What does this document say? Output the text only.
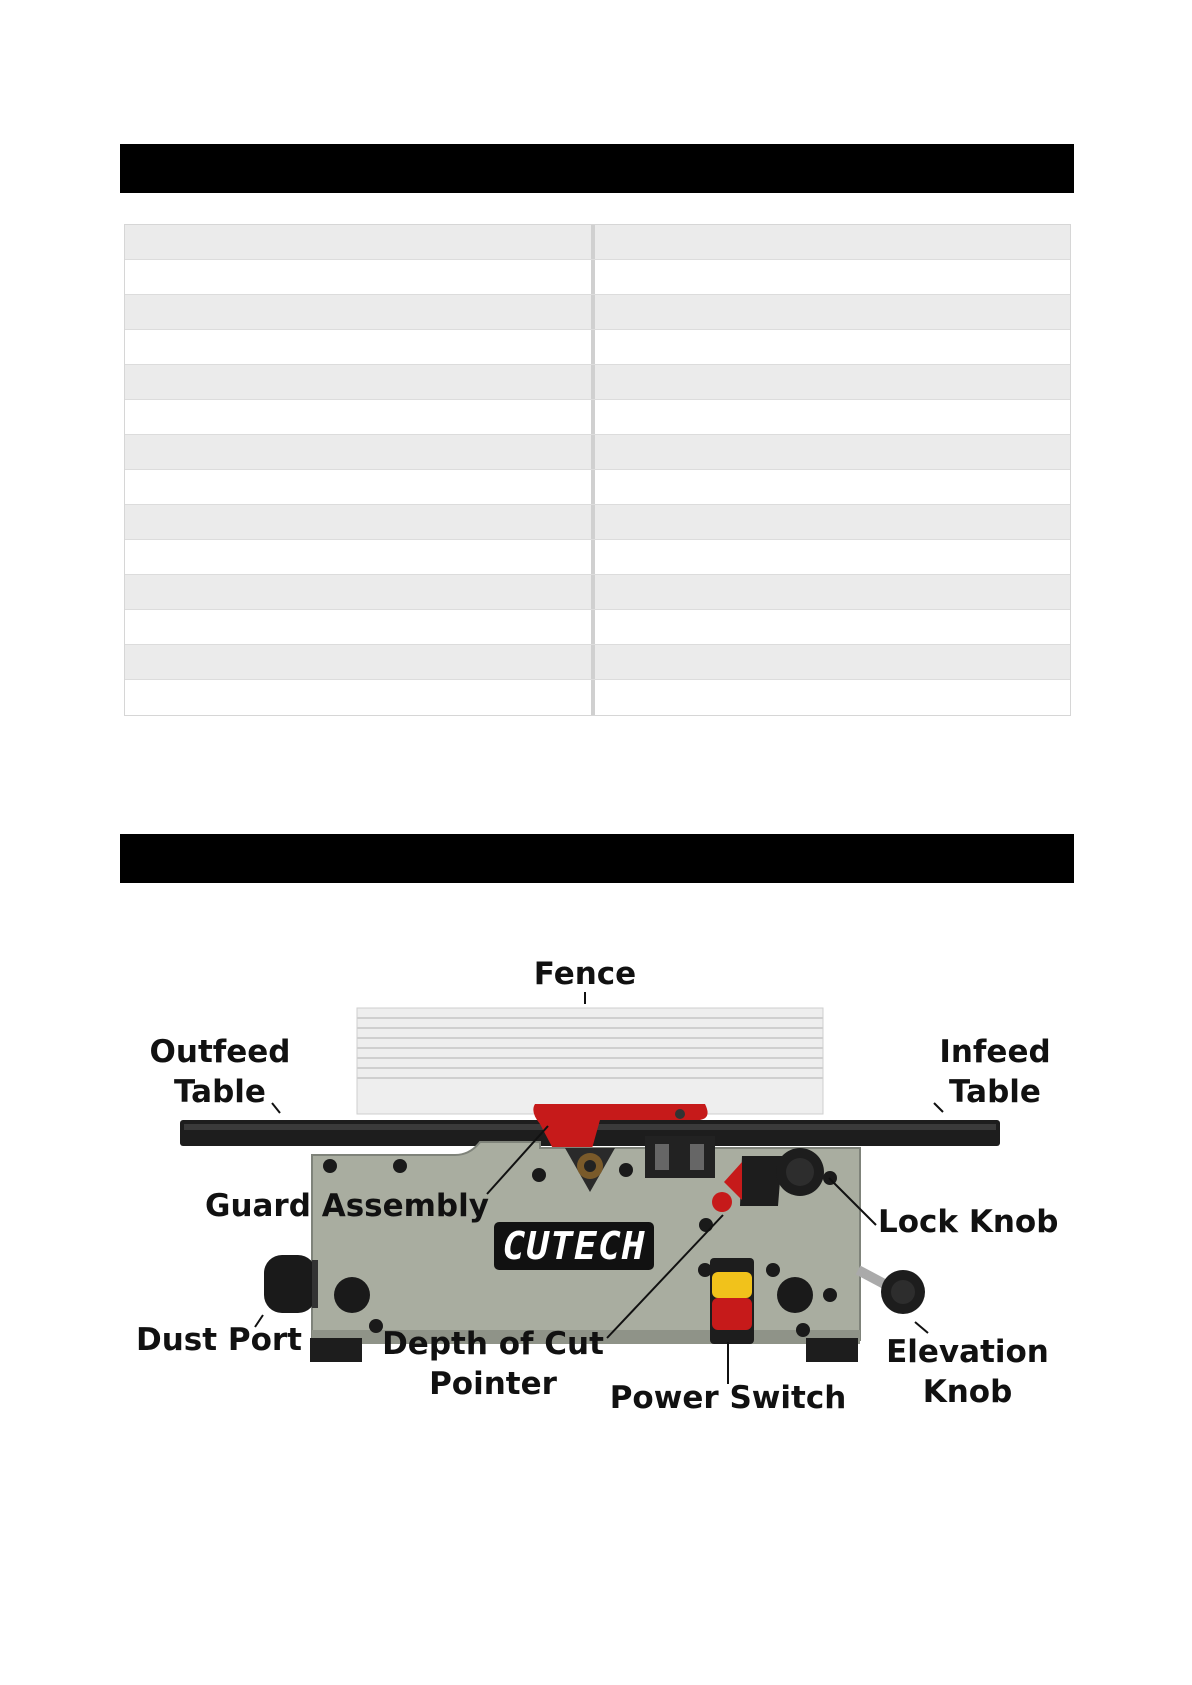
CUTECH
Fence
Outfeed
Table
Infeed
Table
Guard Assembly	Lock Knob
Dust Port	Depth of Cut
Pointer	Power Switch
Elevation
Knob
